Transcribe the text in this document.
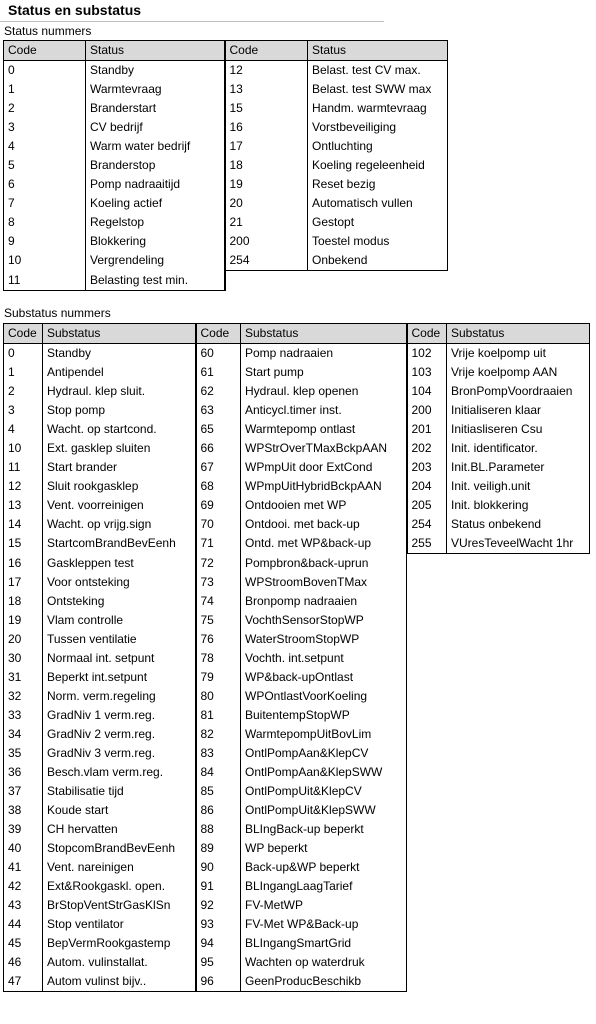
Status en substatus
Status nummers
Code	Status	Code	Status
0	Standby	12	Belast. test CV max.
1	Warmtevraag	13	Belast. test SWW max
2	Branderstart	15	Handm. warmtevraag
3	CV bedrijf	16	Vorstbeveiliging
4	Warm water bedrijf	17	Ontluchting
5	Branderstop	18	Koeling regeleenheid
6	Pomp nadraaitijd	19	Reset bezig
7	Koeling actief	20	Automatisch vullen
8	Regelstop	21	Gestopt
9	Blokkering	200	Toestel modus
10	Vergrendeling	254	Onbekend
11	Belasting test min.		
Substatus nummers
Code	Substatus	Code	Substatus	Code	Substatus
0	Standby	60	Pomp nadraaien	102	Vrije koelpomp uit
1	Antipendel	61	Start pump	103	Vrije koelpomp AAN
2	Hydraul. klep sluit.	62	Hydraul. klep openen	104	BronPompVoordraaien
3	Stop pomp	63	Anticycl.timer inst.	200	Initialiseren klaar
4	Wacht. op startcond.	65	Warmtepomp ontlast	201	Initiasliseren Csu
10	Ext. gasklep sluiten	66	WPStrOverTMaxBckpAAN	202	Init. identificator.
11	Start brander	67	WPmpUit door ExtCond	203	Init.BL.Parameter
12	Sluit rookgasklep	68	WPmpUitHybridBckpAAN	204	Init. veiligh.unit
13	Vent. voorreinigen	69	Ontdooien met WP	205	Init. blokkering
14	Wacht. op vrijg.sign	70	Ontdooi. met back-up	254	Status onbekend
15	StartcomBrandBevEenh	71	Ontd. met WP&back-up	255	VUresTeveelWacht 1hr
16	Gaskleppen test	72	Pompbron&back-uprun		
17	Voor ontsteking	73	WPStroomBovenTMax		
18	Ontsteking	74	Bronpomp nadraaien		
19	Vlam controlle	75	VochthSensorStopWP		
20	Tussen ventilatie	76	WaterStroomStopWP		
30	Normaal int. setpunt	78	Vochth. int.setpunt		
31	Beperkt int.setpunt	79	WP&back-upOntlast		
32	Norm. verm.regeling	80	WPOntlastVoorKoeling		
33	GradNiv 1 verm.reg.	81	BuitentempStopWP		
34	GradNiv 2 verm.reg.	82	WarmtepompUitBovLim		
35	GradNiv 3 verm.reg.	83	OntlPompAan&KlepCV		
36	Besch.vlam verm.reg.	84	OntlPompAan&KlepSWW		
37	Stabilisatie tijd	85	OntlPompUit&KlepCV		
38	Koude start	86	OntlPompUit&KlepSWW		
39	CH hervatten	88	BLIngBack-up beperkt		
40	StopcomBrandBevEenh	89	WP beperkt		
41	Vent. nareinigen	90	Back-up&WP beperkt		
42	Ext&Rookgaskl. open.	91	BLIngangLaagTarief		
43	BrStopVentStrGasKlSn	92	FV-MetWP		
44	Stop ventilator	93	FV-Met WP&Back-up		
45	BepVermRookgastemp	94	BLIngangSmartGrid		
46	Autom. vulinstallat.	95	Wachten op waterdruk		
47	Autom vulinst bijv..	96	GeenProducBeschikb		
